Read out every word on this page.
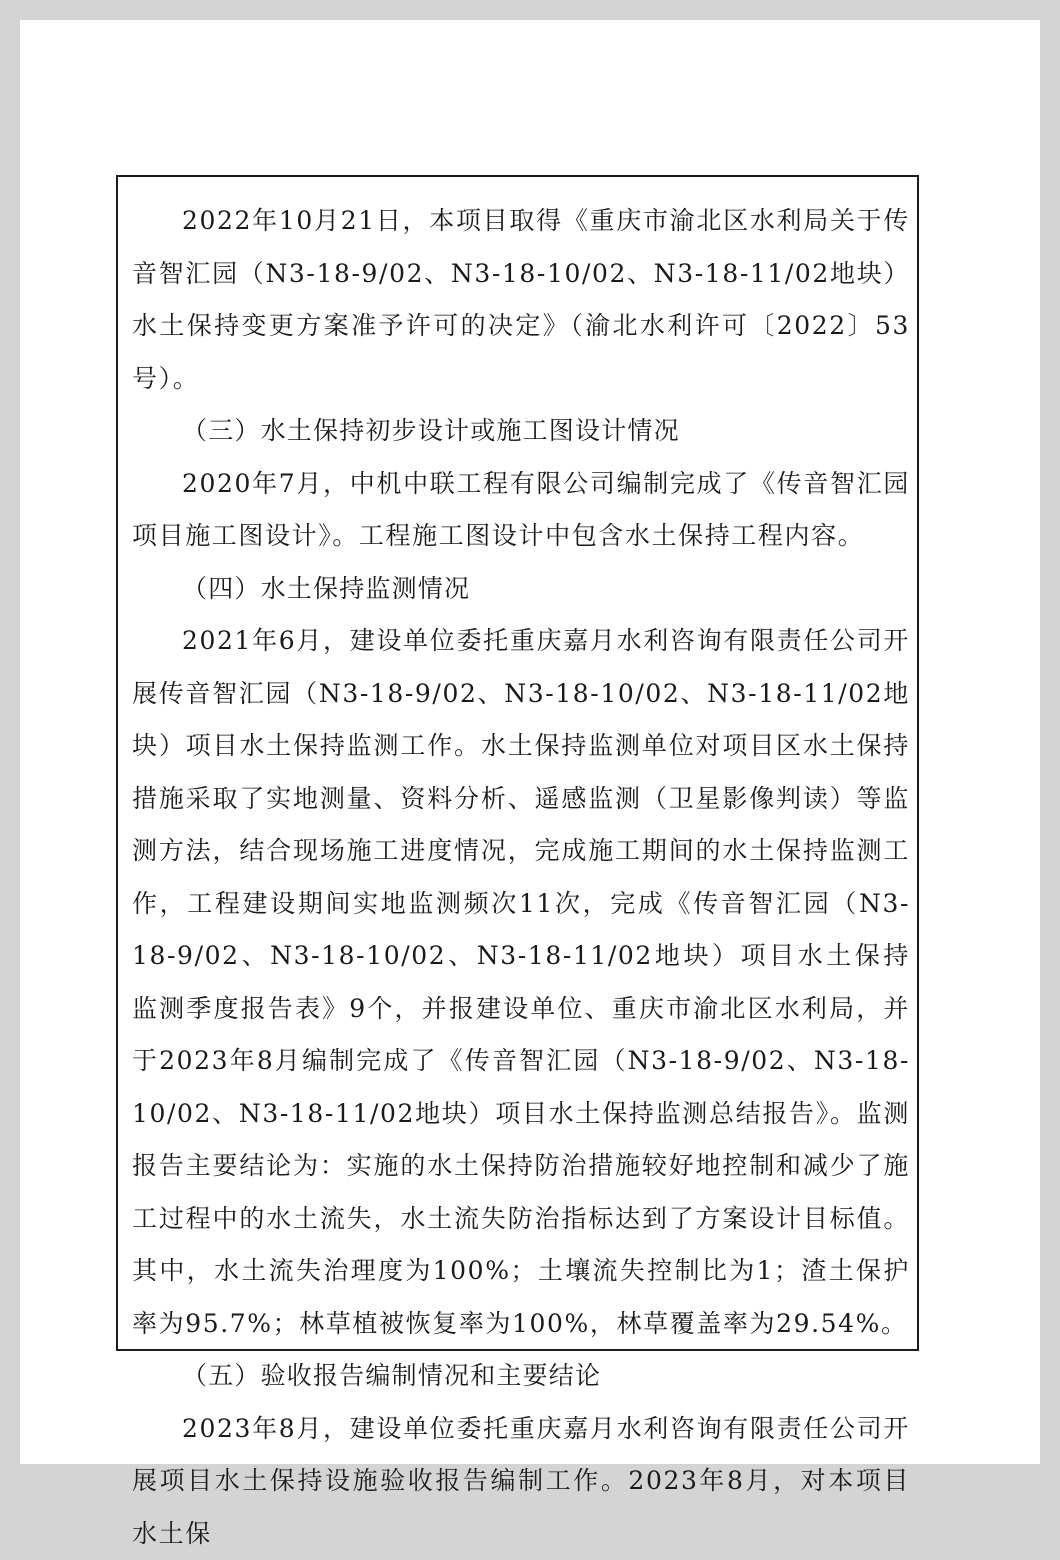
2022年10月21日，本项目取得《重庆市渝北区水利局关于传音智汇园（N3-18-9/02、N3-18-10/02、N3-18-11/02地块）水土保持变更方案准予许可的决定》（渝北水利许可〔2022〕53号）。

（三）水土保持初步设计或施工图设计情况

2020年7月，中机中联工程有限公司编制完成了《传音智汇园项目施工图设计》。工程施工图设计中包含水土保持工程内容。

（四）水土保持监测情况

2021年6月，建设单位委托重庆嘉月水利咨询有限责任公司开展传音智汇园（N3-18-9/02、N3-18-10/02、N3-18-11/02地块）项目水土保持监测工作。水土保持监测单位对项目区水土保持措施采取了实地测量、资料分析、遥感监测（卫星影像判读）等监测方法，结合现场施工进度情况，完成施工期间的水土保持监测工作，工程建设期间实地监测频次11次，完成《传音智汇园（N3-18-9/02、N3-18-10/02、N3-18-11/02地块）项目水土保持监测季度报告表》9个，并报建设单位、重庆市渝北区水利局，并于2023年8月编制完成了《传音智汇园（N3-18-9/02、N3-18-10/02、N3-18-11/02地块）项目水土保持监测总结报告》。监测报告主要结论为：实施的水土保持防治措施较好地控制和减少了施工过程中的水土流失，水土流失防治指标达到了方案设计目标值。其中，水土流失治理度为100%；土壤流失控制比为1；渣土保护率为95.7%；林草植被恢复率为100%，林草覆盖率为29.54%。

（五）验收报告编制情况和主要结论

2023年8月，建设单位委托重庆嘉月水利咨询有限责任公司开展项目水土保持设施验收报告编制工作。2023年8月，对本项目水土保
